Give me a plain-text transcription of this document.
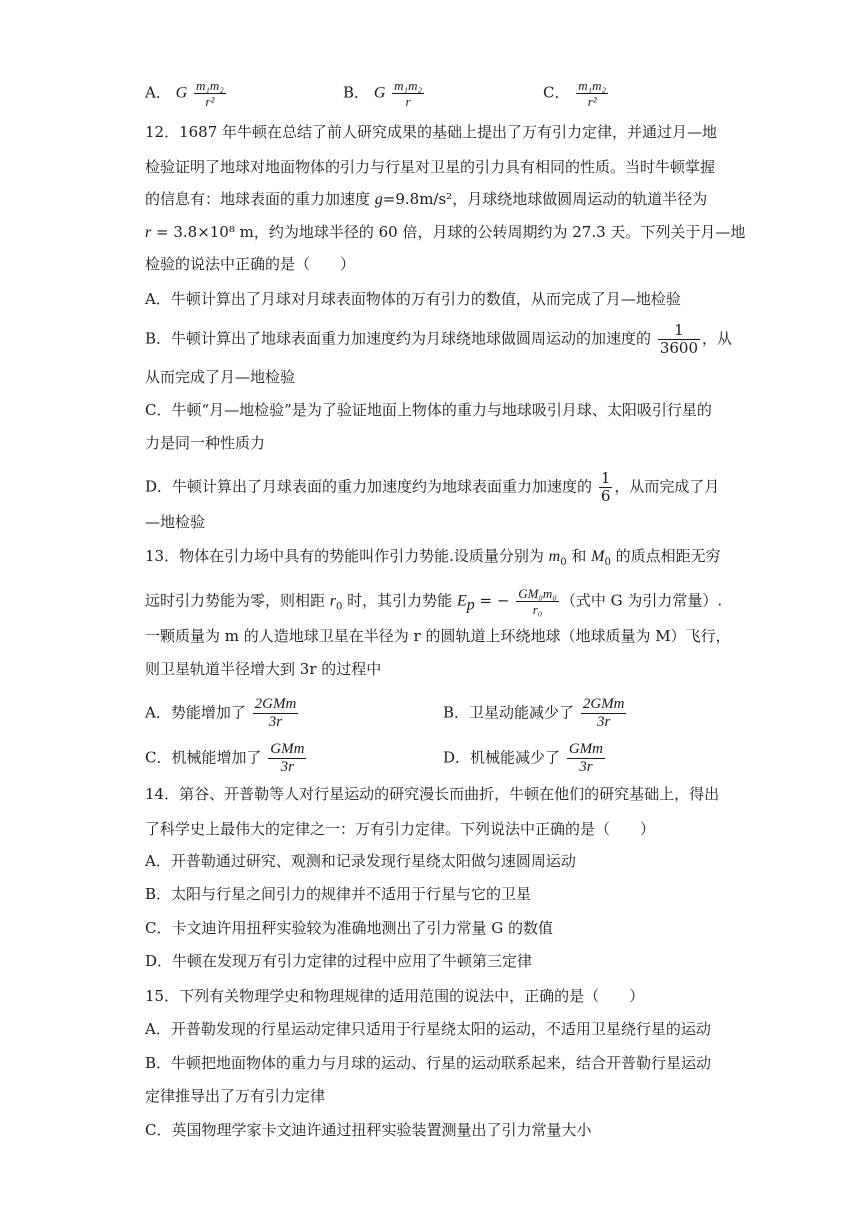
A． G $\frac{\text{m₁m₂}}{\text{r²}}$	B． G $\frac{\text{m₁m₂}}{r}$	C． $\frac{\text{m₁m₂}}{\text{r²}}$
12．1687 年牛顿在总结了前人研究成果的基础上提出了万有引力定律，并通过月—地
检验证明了地球对地面物体的引力与行星对卫星的引力具有相同的性质。当时牛顿掌握
的信息有：地球表面的重力加速度 g=9.8m/s²，月球绕地球做圆周运动的轨道半径为
r = 3.8×10⁸ m，约为地球半径的 60 倍，月球的公转周期约为 27.3 天。下列关于月—地
检验的说法中正确的是（　　）
A．牛顿计算出了月球对月球表面物体的万有引力的数值，从而完成了月—地检验
B．牛顿计算出了地球表面重力加速度约为月球绕地球做圆周运动的加速度的 $\frac{1}{3600}$ ，从
从而完成了月—地检验
C．牛顿“月—地检验”是为了验证地面上物体的重力与地球吸引月球、太阳吸引行星的
力是同一种性质力
D．牛顿计算出了月球表面的重力加速度约为地球表面重力加速度的 $\frac{1}{6}$ ，从而完成了月
—地检验
13．物体在引力场中具有的势能叫作引力势能.设质量分别为 $m_0$ 和 $M_0$ 的质点相距无穷
远时引力势能为零，则相距 $r_0$ 时，其引力势能 $E_p$ = − $\frac{\text{GM₀m₀}}{\text{r₀}}$ （式中 G 为引力常量）.
一颗质量为 m 的人造地球卫星在半径为 r 的圆轨道上环绕地球（地球质量为 M）飞行，
则卫星轨道半径增大到 3r 的过程中
A．势能增加了 $\frac{\text{2GMm}}{3r}$	B．卫星动能减少了 $\frac{\text{2GMm}}{3r}$
C．机械能增加了 $\frac{\text{GMm}}{3r}$	D．机械能减少了 $\frac{\text{GMm}}{3r}$
14．第谷、开普勒等人对行星运动的研究漫长而曲折，牛顿在他们的研究基础上，得出
了科学史上最伟大的定律之一：万有引力定律。下列说法中正确的是（　　）
A．开普勒通过研究、观测和记录发现行星绕太阳做匀速圆周运动
B．太阳与行星之间引力的规律并不适用于行星与它的卫星
C．卡文迪许用扭秤实验较为准确地测出了引力常量 G 的数值
D．牛顿在发现万有引力定律的过程中应用了牛顿第三定律
15．下列有关物理学史和物理规律的适用范围的说法中，正确的是（　　）
A．开普勒发现的行星运动定律只适用于行星绕太阳的运动，不适用卫星绕行星的运动
B．牛顿把地面物体的重力与月球的运动、行星的运动联系起来，结合开普勒行星运动
定律推导出了万有引力定律
C．英国物理学家卡文迪许通过扭秤实验装置测量出了引力常量大小
